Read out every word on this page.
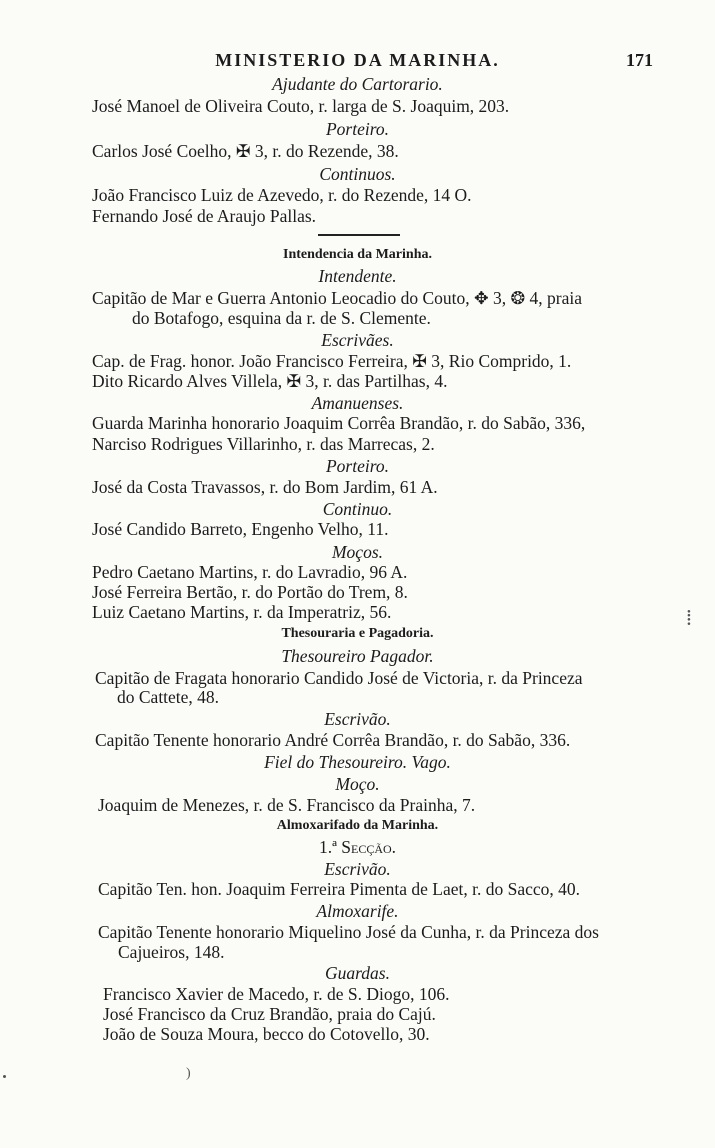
MINISTERIO DA MARINHA.	171
Ajudante do Cartorario.
José Manoel de Oliveira Couto, r. larga de S. Joaquim, 203.
Porteiro.
Carlos José Coelho, ✠ 3, r. do Rezende, 38.
Continuos.
João Francisco Luiz de Azevedo, r. do Rezende, 14 O.
Fernando José de Araujo Pallas.
Intendencia da Marinha.
Intendente.
Capitão de Mar e Guerra Antonio Leocadio do Couto, ✥ 3, ❂ 4, praia
do Botafogo, esquina da r. de S. Clemente.
Escrivães.
Cap. de Frag. honor. João Francisco Ferreira, ✠ 3, Rio Comprido, 1.
Dito Ricardo Alves Villela, ✠ 3, r. das Partilhas, 4.
Amanuenses.
Guarda Marinha honorario Joaquim Corrêa Brandão, r. do Sabão, 336,
Narciso Rodrigues Villarinho, r. das Marrecas, 2.
Porteiro.
José da Costa Travassos, r. do Bom Jardim, 61 A.
Continuo.
José Candido Barreto, Engenho Velho, 11.
Moços.
Pedro Caetano Martins, r. do Lavradio, 96 A.
José Ferreira Bertão, r. do Portão do Trem, 8.
Luiz Caetano Martins, r. da Imperatriz, 56.
Thesouraria e Pagadoria.
Thesoureiro Pagador.
Capitão de Fragata honorario Candido José de Victoria, r. da Princeza
do Cattete, 48.
Escrivão.
Capitão Tenente honorario André Corrêa Brandão, r. do Sabão, 336.
Fiel do Thesoureiro. Vago.
Moço.
Joaquim de Menezes, r. de S. Francisco da Prainha, 7.
Almoxarifado da Marinha.
1.ª Secção.
Escrivão.
Capitão Ten. hon. Joaquim Ferreira Pimenta de Laet, r. do Sacco, 40.
Almoxarife.
Capitão Tenente honorario Miquelino José da Cunha, r. da Princeza dos
Cajueiros, 148.
Guardas.
Francisco Xavier de Macedo, r. de S. Diogo, 106.
José Francisco da Cruz Brandão, praia do Cajú.
João de Souza Moura, becco do Cotovello, 30.
⁞
)
